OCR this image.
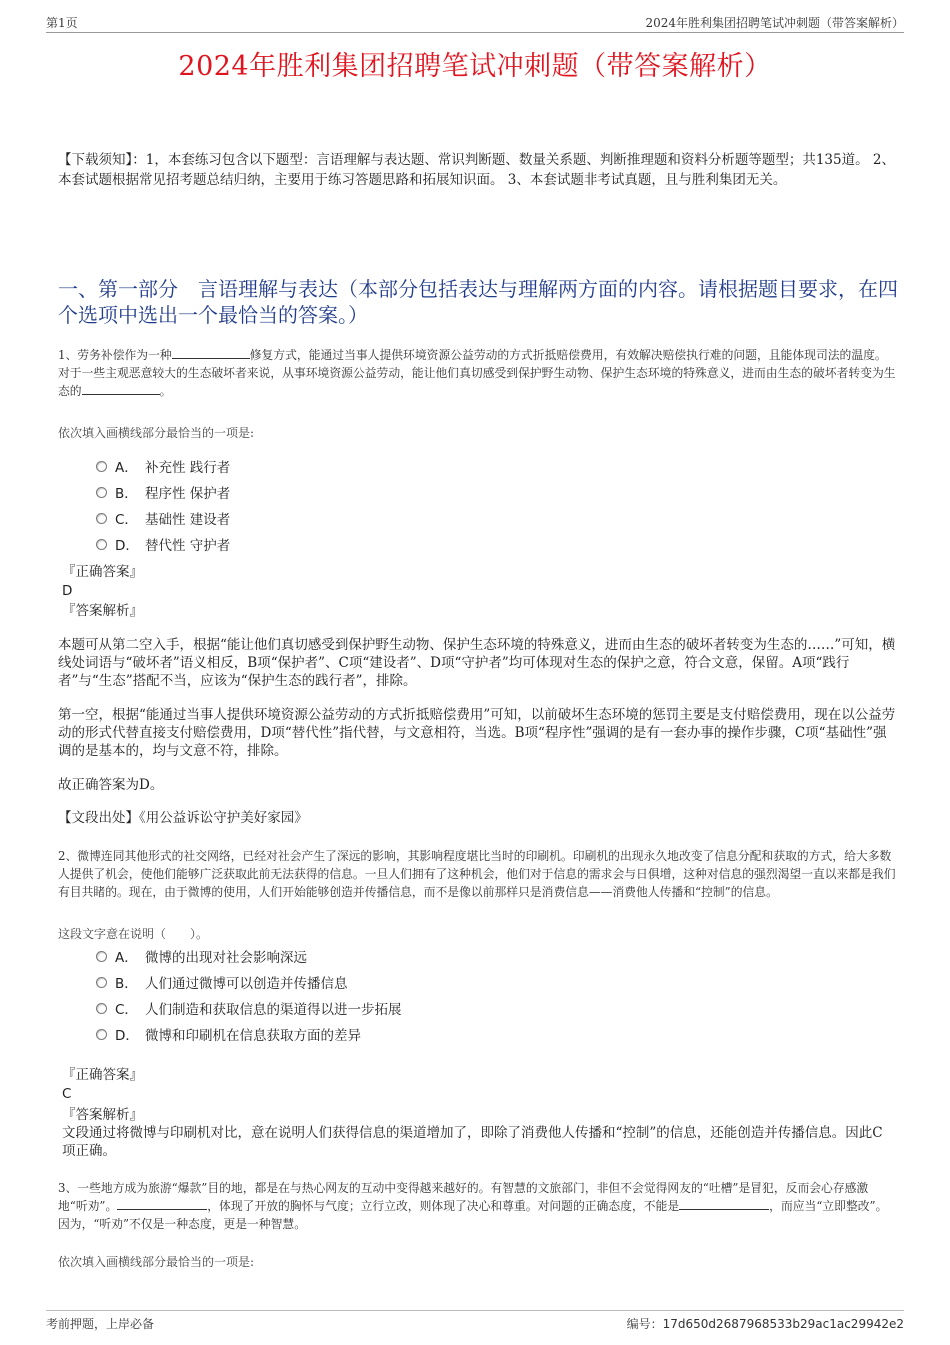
第1页	2024年胜利集团招聘笔试冲刺题（带答案解析）
2024年胜利集团招聘笔试冲刺题（带答案解析）
【下载须知】：1，本套练习包含以下题型：言语理解与表达题、常识判断题、数量关系题、判断推理题和资料分析题等题型；共135道。 2、本套试题根据常见招考题总结归纳，主要用于练习答题思路和拓展知识面。 3、本套试题非考试真题，且与胜利集团无关。
一、第一部分　言语理解与表达（本部分包括表达与理解两方面的内容。请根据题目要求，在四个选项中选出一个最恰当的答案。）
1、劳务补偿作为一种	修复方式，能通过当事人提供环境资源公益劳动的方式折抵赔偿费用，有效解决赔偿执行难的问题，且能体现司法的温度。对于一些主观恶意较大的生态破坏者来说，从事环境资源公益劳动，能让他们真切感受到保护野生动物、保护生态环境的特殊意义，进而由生态的破坏者转变为生态的	。
依次填入画横线部分最恰当的一项是:
A． 补充性 践行者
B． 程序性 保护者
C． 基础性 建设者
D． 替代性 守护者
『正确答案』
D
『答案解析』
本题可从第二空入手，根据“能让他们真切感受到保护野生动物、保护生态环境的特殊意义，进而由生态的破坏者转变为生态的……”可知，横线处词语与“破坏者”语义相反，B项“保护者”、C项“建设者”、D项“守护者”均可体现对生态的保护之意，符合文意，保留。A项“践行者”与“生态”搭配不当，应该为“保护生态的践行者”，排除。
第一空，根据“能通过当事人提供环境资源公益劳动的方式折抵赔偿费用”可知，以前破坏生态环境的惩罚主要是支付赔偿费用，现在以公益劳动的形式代替直接支付赔偿费用，D项“替代性”指代替，与文意相符，当选。B项“程序性”强调的是有一套办事的操作步骤，C项“基础性”强调的是基本的，均与文意不符，排除。
故正确答案为D。
【文段出处】《用公益诉讼守护美好家园》
2、微博连同其他形式的社交网络，已经对社会产生了深远的影响，其影响程度堪比当时的印刷机。印刷机的出现永久地改变了信息分配和获取的方式，给大多数人提供了机会，使他们能够广泛获取此前无法获得的信息。一旦人们拥有了这种机会，他们对于信息的需求会与日俱增，这种对信息的强烈渴望一直以来都是我们有目共睹的。现在，由于微博的使用，人们开始能够创造并传播信息，而不是像以前那样只是消费信息——消费他人传播和“控制”的信息。
这段文字意在说明（　　）。
A． 微博的出现对社会影响深远
B． 人们通过微博可以创造并传播信息
C． 人们制造和获取信息的渠道得以进一步拓展
D． 微博和印刷机在信息获取方面的差异
『正确答案』
C
『答案解析』
文段通过将微博与印刷机对比，意在说明人们获得信息的渠道增加了，即除了消费他人传播和“控制”的信息，还能创造并传播信息。因此C项正确。
3、一些地方成为旅游“爆款”目的地，都是在与热心网友的互动中变得越来越好的。有智慧的文旅部门，非但不会觉得网友的“吐槽”是冒犯，反而会心存感激地“听劝”。	，体现了开放的胸怀与气度；立行立改，则体现了决心和尊重。对问题的正确态度，不能是	，而应当“立即整改”。因为，“听劝”不仅是一种态度，更是一种智慧。
依次填入画横线部分最恰当的一项是:
考前押题，上岸必备	编号：17d650d2687968533b29ac1ac29942e2
